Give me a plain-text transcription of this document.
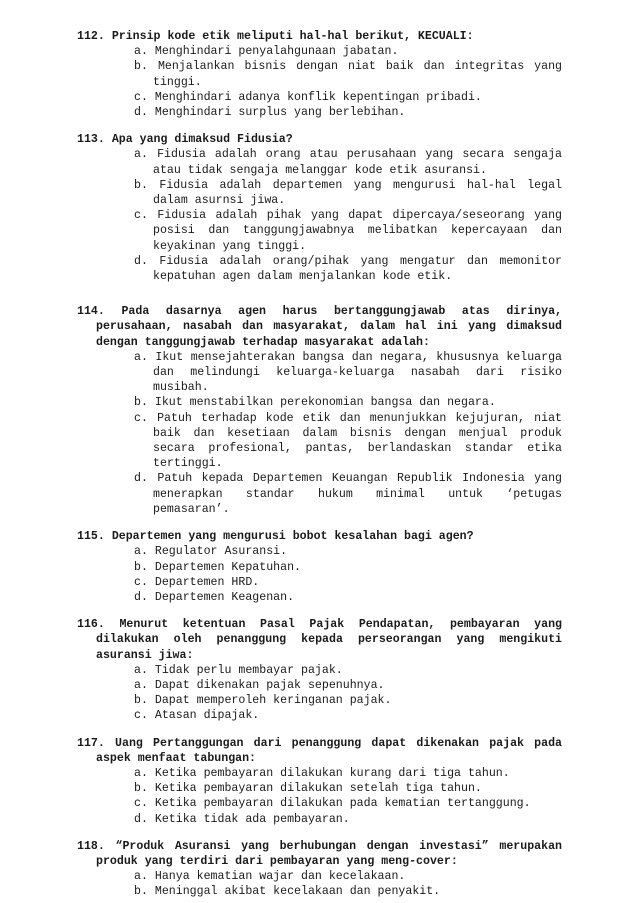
112. Prinsip kode etik meliputi hal-hal berikut, KECUALI:
a. Menghindari penyalahgunaan jabatan.
b. Menjalankan bisnis dengan niat baik dan integritas yang tinggi.
c. Menghindari adanya konflik kepentingan pribadi.
d. Menghindari surplus yang berlebihan.
113. Apa yang dimaksud Fidusia?
a. Fidusia adalah orang atau perusahaan yang secara sengaja atau tidak sengaja melanggar kode etik asuransi.
b. Fidusia adalah departemen yang mengurusi hal-hal legal dalam asurnsi jiwa.
c. Fidusia adalah pihak yang dapat dipercaya/seseorang yang posisi dan tanggungjawabnya melibatkan kepercayaan dan keyakinan yang tinggi.
d. Fidusia adalah orang/pihak yang mengatur dan memonitor kepatuhan agen dalam menjalankan kode etik.
114. Pada dasarnya agen harus bertanggungjawab atas dirinya, perusahaan, nasabah dan masyarakat, dalam hal ini yang dimaksud dengan tanggungjawab terhadap masyarakat adalah:
a. Ikut mensejahterakan bangsa dan negara, khususnya keluarga dan melindungi keluarga-keluarga nasabah dari risiko musibah.
b. Ikut menstabilkan perekonomian bangsa dan negara.
c. Patuh terhadap kode etik dan menunjukkan kejujuran, niat baik dan kesetiaan dalam bisnis dengan menjual produk secara profesional, pantas, berlandaskan standar etika tertinggi.
d. Patuh kepada Departemen Keuangan Republik Indonesia yang menerapkan standar hukum minimal untuk ‘petugas pemasaran’.
115. Departemen yang mengurusi bobot kesalahan bagi agen?
a. Regulator Asuransi.
b. Departemen Kepatuhan.
c. Departemen HRD.
d. Departemen Keagenan.
116. Menurut ketentuan Pasal Pajak Pendapatan, pembayaran yang dilakukan oleh penanggung kepada perseorangan yang mengikuti asuransi jiwa:
a. Tidak perlu membayar pajak.
a. Dapat dikenakan pajak sepenuhnya.
b. Dapat memperoleh keringanan pajak.
c. Atasan dipajak.
117. Uang Pertanggungan dari penanggung dapat dikenakan pajak pada aspek menfaat tabungan:
a. Ketika pembayaran dilakukan kurang dari tiga tahun.
b. Ketika pembayaran dilakukan setelah tiga tahun.
c. Ketika pembayaran dilakukan pada kematian tertanggung.
d. Ketika tidak ada pembayaran.
118. “Produk Asuransi yang berhubungan dengan investasi” merupakan produk yang terdiri dari pembayaran yang meng-cover:
a. Hanya kematian wajar dan kecelakaan.
b. Meninggal akibat kecelakaan dan penyakit.
